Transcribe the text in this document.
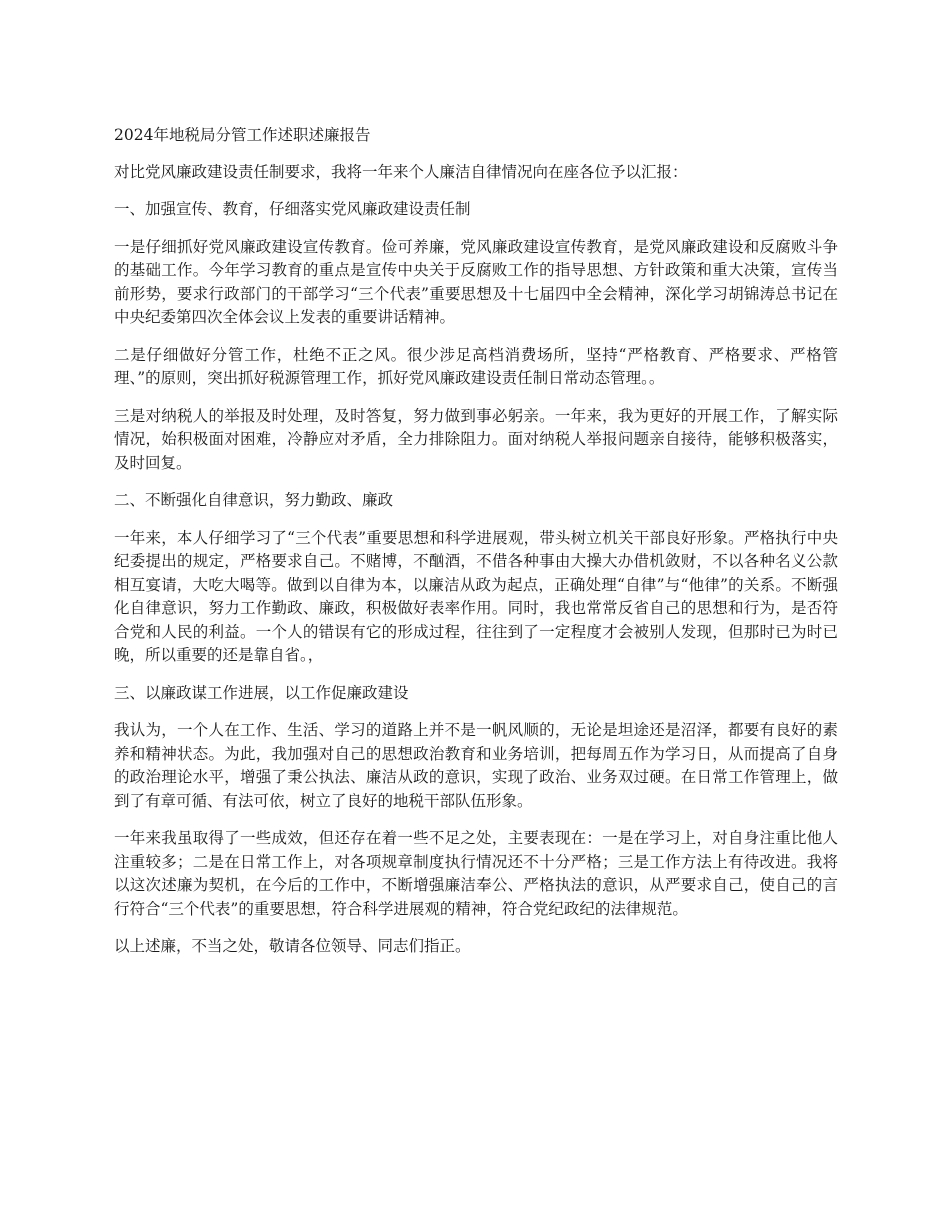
2024年地税局分管工作述职述廉报告

对比党风廉政建设责任制要求，我将一年来个人廉洁自律情况向在座各位予以汇报：

一、加强宣传、教育，仔细落实党风廉政建设责任制

一是仔细抓好党风廉政建设宣传教育。俭可养廉，党风廉政建设宣传教育，是党风廉政建设和反腐败斗争的基础工作。今年学习教育的重点是宣传中央关于反腐败工作的指导思想、方针政策和重大决策，宣传当前形势，要求行政部门的干部学习“三个代表”重要思想及十七届四中全会精神，深化学习胡锦涛总书记在中央纪委第四次全体会议上发表的重要讲话精神。

二是仔细做好分管工作，杜绝不正之风。很少涉足高档消费场所，坚持“严格教育、严格要求、严格管理、”的原则，突出抓好税源管理工作，抓好党风廉政建设责任制日常动态管理。。

三是对纳税人的举报及时处理，及时答复，努力做到事必躬亲。一年来，我为更好的开展工作，了解实际情况，始积极面对困难，冷静应对矛盾，全力排除阻力。面对纳税人举报问题亲自接待，能够积极落实，及时回复。

二、不断强化自律意识，努力勤政、廉政

一年来，本人仔细学习了“三个代表”重要思想和科学进展观，带头树立机关干部良好形象。严格执行中央纪委提出的规定，严格要求自己。不赌博，不酗酒，不借各种事由大操大办借机敛财，不以各种名义公款相互宴请，大吃大喝等。做到以自律为本，以廉洁从政为起点，正确处理“自律”与“他律”的关系。不断强化自律意识，努力工作勤政、廉政，积极做好表率作用。同时，我也常常反省自己的思想和行为，是否符合党和人民的利益。一个人的错误有它的形成过程，往往到了一定程度才会被别人发现，但那时已为时已晚，所以重要的还是靠自省。，

三、以廉政谋工作进展，以工作促廉政建设

我认为，一个人在工作、生活、学习的道路上并不是一帆风顺的，无论是坦途还是沼泽，都要有良好的素养和精神状态。为此，我加强对自己的思想政治教育和业务培训，把每周五作为学习日，从而提高了自身的政治理论水平，增强了秉公执法、廉洁从政的意识，实现了政治、业务双过硬。在日常工作管理上，做到了有章可循、有法可依，树立了良好的地税干部队伍形象。

一年来我虽取得了一些成效，但还存在着一些不足之处，主要表现在：一是在学习上，对自身注重比他人注重较多；二是在日常工作上，对各项规章制度执行情况还不十分严格；三是工作方法上有待改进。我将以这次述廉为契机，在今后的工作中，不断增强廉洁奉公、严格执法的意识，从严要求自己，使自己的言行符合“三个代表”的重要思想，符合科学进展观的精神，符合党纪政纪的法律规范。

以上述廉，不当之处，敬请各位领导、同志们指正。
